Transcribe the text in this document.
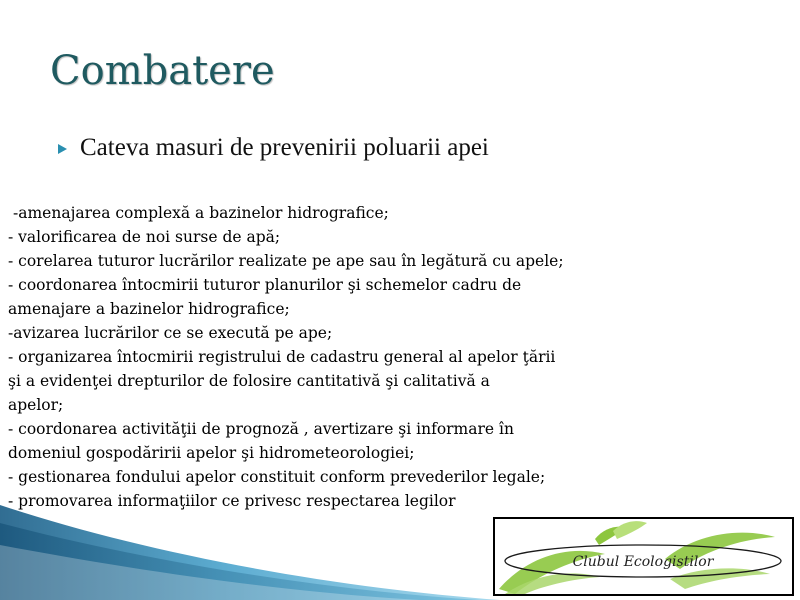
Combatere
Cateva masuri de prevenirii poluarii apei
-amenajarea complexă a bazinelor hidrografice;
- valorificarea de noi surse de apă;
- corelarea tuturor lucrărilor realizate pe ape sau în legătură cu apele;
- coordonarea întocmirii tuturor planurilor şi schemelor cadru de
amenajare a bazinelor hidrografice;
-avizarea lucrărilor ce se execută pe ape;
- organizarea întocmirii registrului de cadastru general al apelor ţării
şi a evidenţei drepturilor de folosire cantitativă şi calitativă a
apelor;
- coordonarea activităţii de prognoză , avertizare şi informare în
domeniul gospodăririi apelor şi hidrometeorologiei;
- gestionarea fondului apelor constituit conform prevederilor legale;
- promovarea informaţiilor ce privesc respectarea legilor
Clubul Ecologistilor
